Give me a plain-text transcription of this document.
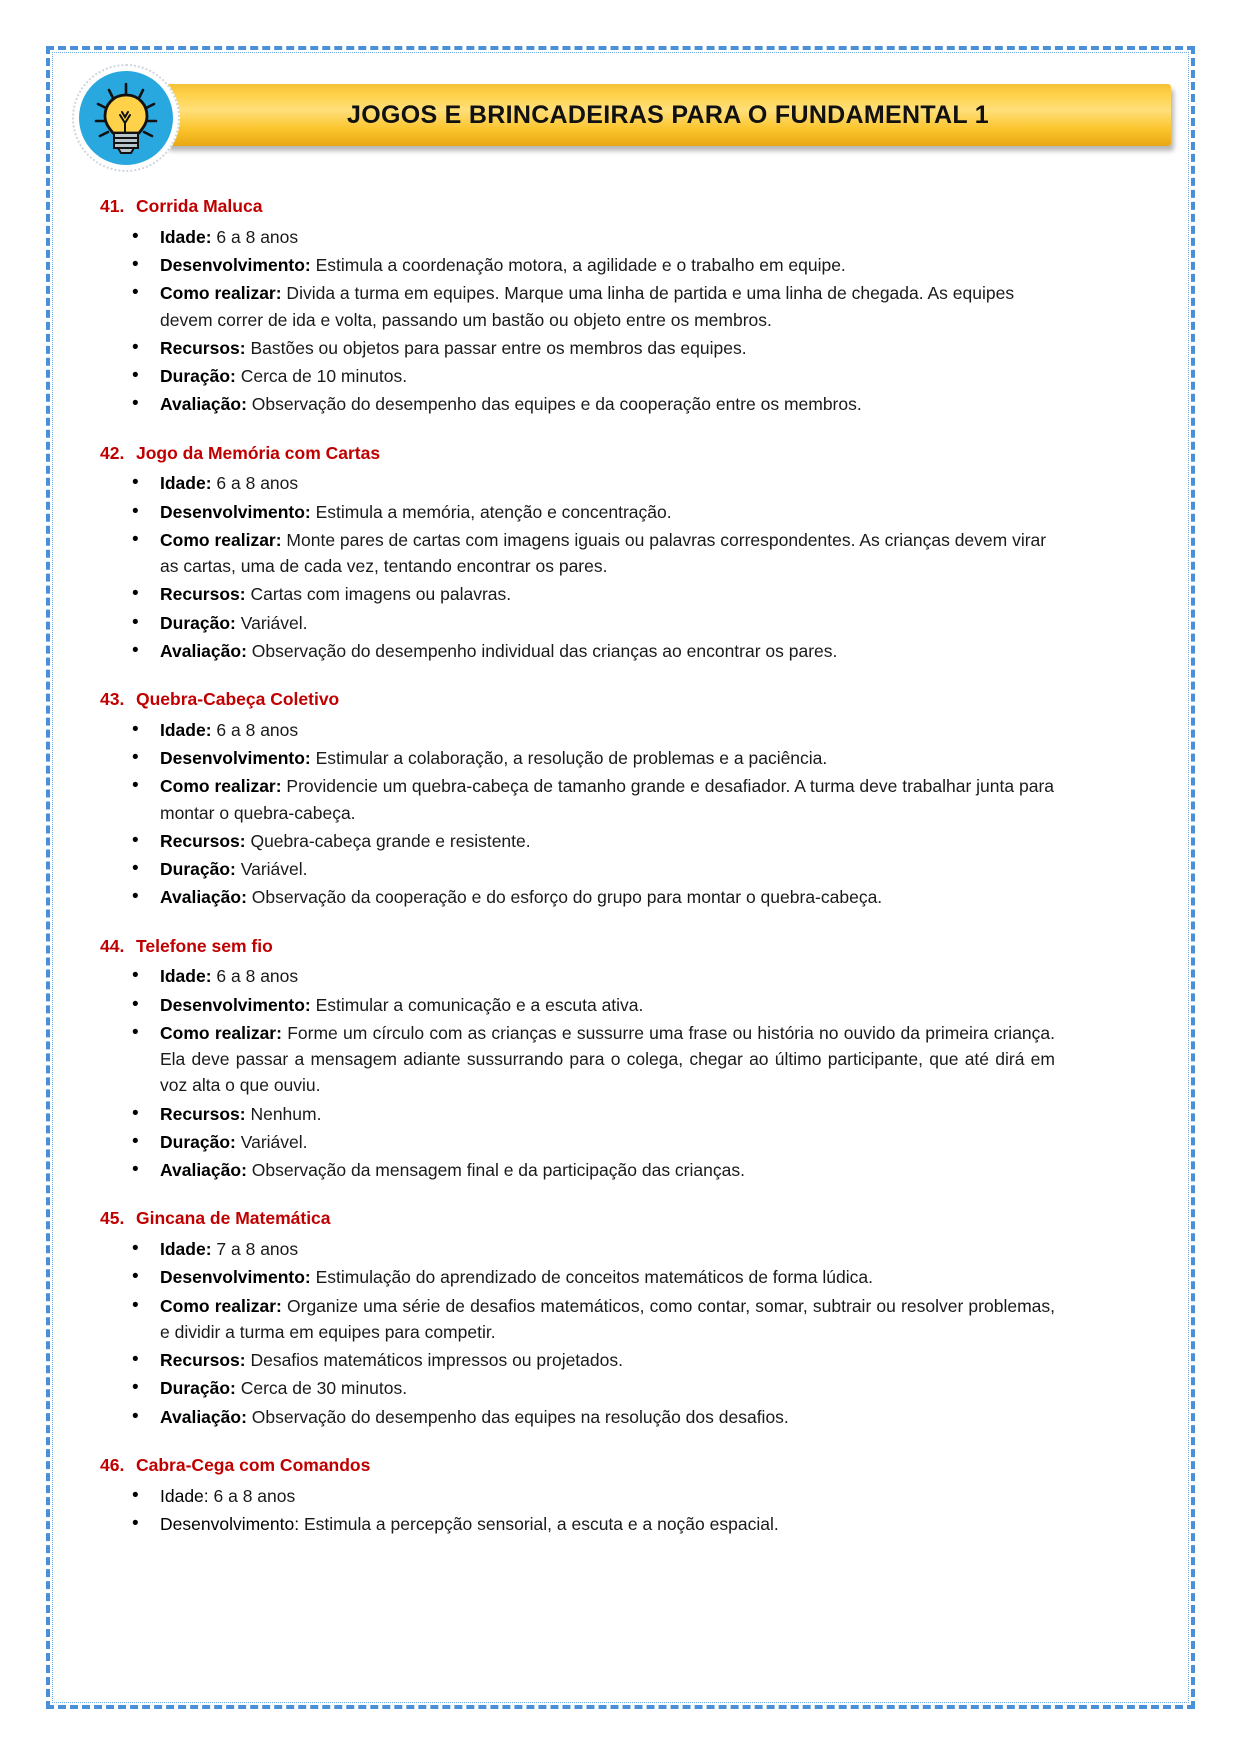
JOGOS E BRINCADEIRAS PARA O FUNDAMENTAL 1
41. Corrida Maluca
• Idade: 6 a 8 anos
• Desenvolvimento: Estimula a coordenação motora, a agilidade e o trabalho em equipe.
• Como realizar: Divida a turma em equipes. Marque uma linha de partida e uma linha de chegada. As equipes devem correr de ida e volta, passando um bastão ou objeto entre os membros.
• Recursos: Bastões ou objetos para passar entre os membros das equipes.
• Duração: Cerca de 10 minutos.
• Avaliação: Observação do desempenho das equipes e da cooperação entre os membros.
42. Jogo da Memória com Cartas
• Idade: 6 a 8 anos
• Desenvolvimento: Estimula a memória, atenção e concentração.
• Como realizar: Monte pares de cartas com imagens iguais ou palavras correspondentes. As crianças devem virar as cartas, uma de cada vez, tentando encontrar os pares.
• Recursos: Cartas com imagens ou palavras.
• Duração: Variável.
• Avaliação: Observação do desempenho individual das crianças ao encontrar os pares.
43. Quebra-Cabeça Coletivo
• Idade: 6 a 8 anos
• Desenvolvimento: Estimular a colaboração, a resolução de problemas e a paciência.
• Como realizar: Providencie um quebra-cabeça de tamanho grande e desafiador. A turma deve trabalhar junta para montar o quebra-cabeça.
• Recursos: Quebra-cabeça grande e resistente.
• Duração: Variável.
• Avaliação: Observação da cooperação e do esforço do grupo para montar o quebra-cabeça.
44. Telefone sem fio
• Idade: 6 a 8 anos
• Desenvolvimento: Estimular a comunicação e a escuta ativa.
• Como realizar: Forme um círculo com as crianças e sussurre uma frase ou história no ouvido da primeira criança. Ela deve passar a mensagem adiante sussurrando para o colega, chegar ao último participante, que até dirá em voz alta o que ouviu.
• Recursos: Nenhum.
• Duração: Variável.
• Avaliação: Observação da mensagem final e da participação das crianças.
45. Gincana de Matemática
• Idade: 7 a 8 anos
• Desenvolvimento: Estimulação do aprendizado de conceitos matemáticos de forma lúdica.
• Como realizar: Organize uma série de desafios matemáticos, como contar, somar, subtrair ou resolver problemas, e dividir a turma em equipes para competir.
• Recursos: Desafios matemáticos impressos ou projetados.
• Duração: Cerca de 30 minutos.
• Avaliação: Observação do desempenho das equipes na resolução dos desafios.
46. Cabra-Cega com Comandos
• Idade: 6 a 8 anos
• Desenvolvimento: Estimula a percepção sensorial, a escuta e a noção espacial.
